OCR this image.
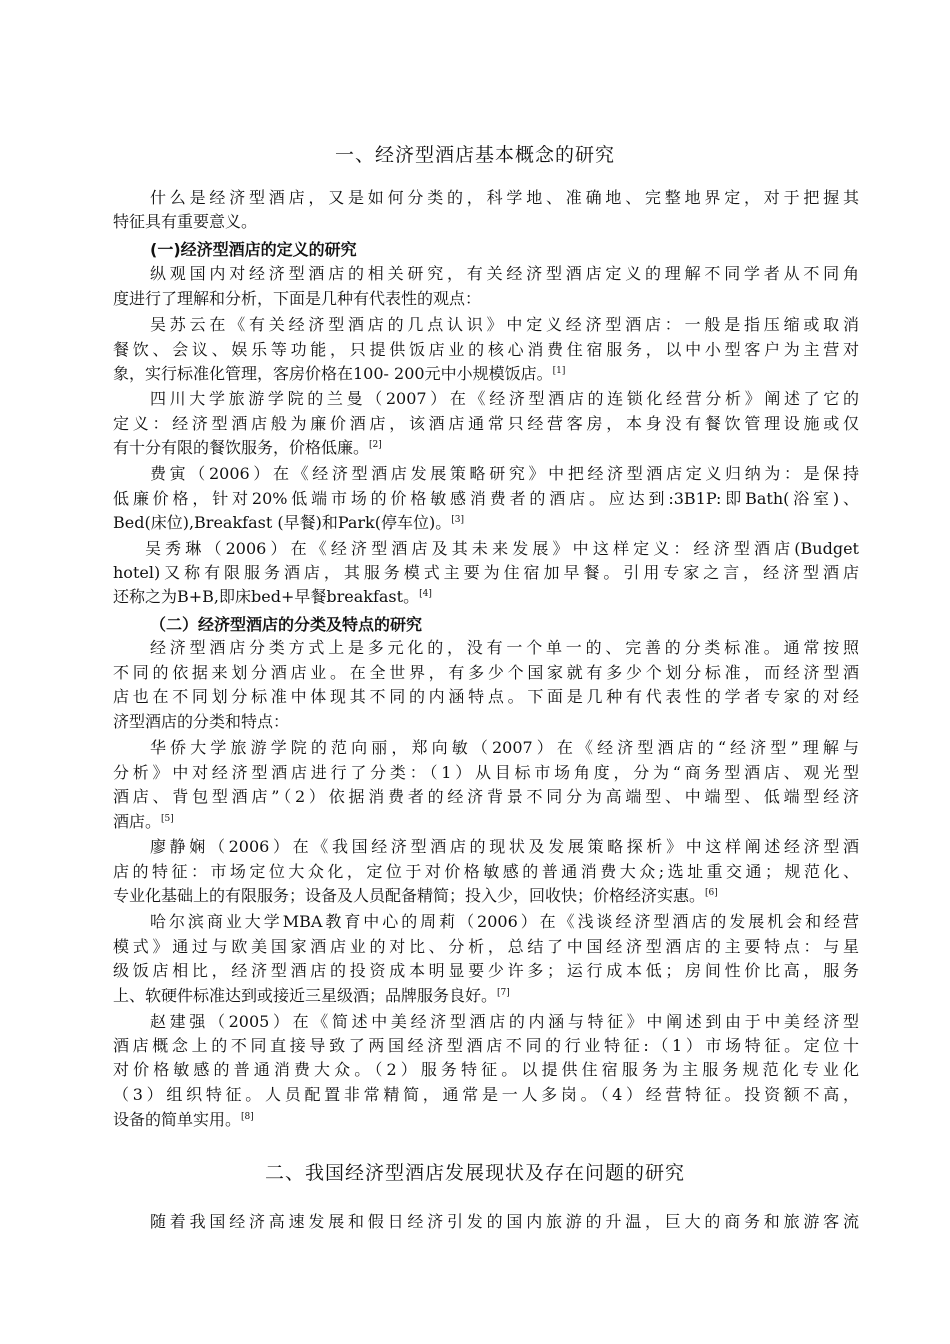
一、经济型酒店基本概念的研究
什么是经济型酒店，又是如何分类的，科学地、准确地、完整地界定，对于把握其
特征具有重要意义。
(一)经济型酒店的定义的研究
纵观国内对经济型酒店的相关研究，有关经济型酒店定义的理解不同学者从不同角
度进行了理解和分析，下面是几种有代表性的观点：
吴苏云在《有关经济型酒店的几点认识》中定义经济型酒店：一般是指压缩或取消
餐饮、会议、娱乐等功能，只提供饭店业的核心消费住宿服务，以中小型客户为主营对
象，实行标准化管理，客房价格在100- 200元中小规模饭店。[1]
四川大学旅游学院的兰曼（2007）在《经济型酒店的连锁化经营分析》阐述了它的
定义：经济型酒店般为廉价酒店，该酒店通常只经营客房，本身没有餐饮管理设施或仅
有十分有限的餐饮服务，价格低廉。[2]
费寅（2006）在《经济型酒店发展策略研究》中把经济型酒店定义归纳为：是保持
低廉价格，针对20%低端市场的价格敏感消费者的酒店。应达到:3B1P:即Bath(浴室)、
Bed(床位),Breakfast (早餐)和Park(停车位)。[3]
吴秀琳（2006）在《经济型酒店及其未来发展》中这样定义：经济型酒店(Budget
hotel)又称有限服务酒店，其服务模式主要为住宿加早餐。引用专家之言，经济型酒店
还称之为B+B,即床bed+早餐breakfast。[4]
（二）经济型酒店的分类及特点的研究
经济型酒店分类方式上是多元化的，没有一个单一的、完善的分类标准。通常按照
不同的依据来划分酒店业。在全世界，有多少个国家就有多少个划分标准，而经济型酒
店也在不同划分标准中体现其不同的内涵特点。下面是几种有代表性的学者专家的对经
济型酒店的分类和特点：
华侨大学旅游学院的范向丽，郑向敏（2007）在《经济型酒店的“经济型”理解与
分析》中对经济型酒店进行了分类：（1）从目标市场角度，分为“商务型酒店、观光型
酒店、背包型酒店”（2）依据消费者的经济背景不同分为高端型、中端型、低端型经济
酒店。[5]
廖静娴（2006）在《我国经济型酒店的现状及发展策略探析》中这样阐述经济型酒
店的特征：市场定位大众化，定位于对价格敏感的普通消费大众;选址重交通；规范化、
专业化基础上的有限服务；设备及人员配备精简；投入少，回收快；价格经济实惠。[6]
哈尔滨商业大学MBA教育中心的周莉（2006）在《浅谈经济型酒店的发展机会和经营
模式》通过与欧美国家酒店业的对比、分析，总结了中国经济型酒店的主要特点：与星
级饭店相比，经济型酒店的投资成本明显要少许多；运行成本低；房间性价比高，服务
上、软硬件标准达到或接近三星级酒；品牌服务良好。[7]
赵建强（2005）在《简述中美经济型酒店的内涵与特征》中阐述到由于中美经济型
酒店概念上的不同直接导致了两国经济型酒店不同的行业特征:（1）市场特征。定位十
对价格敏感的普通消费大众。（2）服务特征。以提供住宿服务为主服务规范化专业化
（3）组织特征。人员配置非常精简，通常是一人多岗。（4）经营特征。投资额不高，
设备的简单实用。[8]
二、我国经济型酒店发展现状及存在问题的研究
随着我国经济高速发展和假日经济引发的国内旅游的升温，巨大的商务和旅游客流
